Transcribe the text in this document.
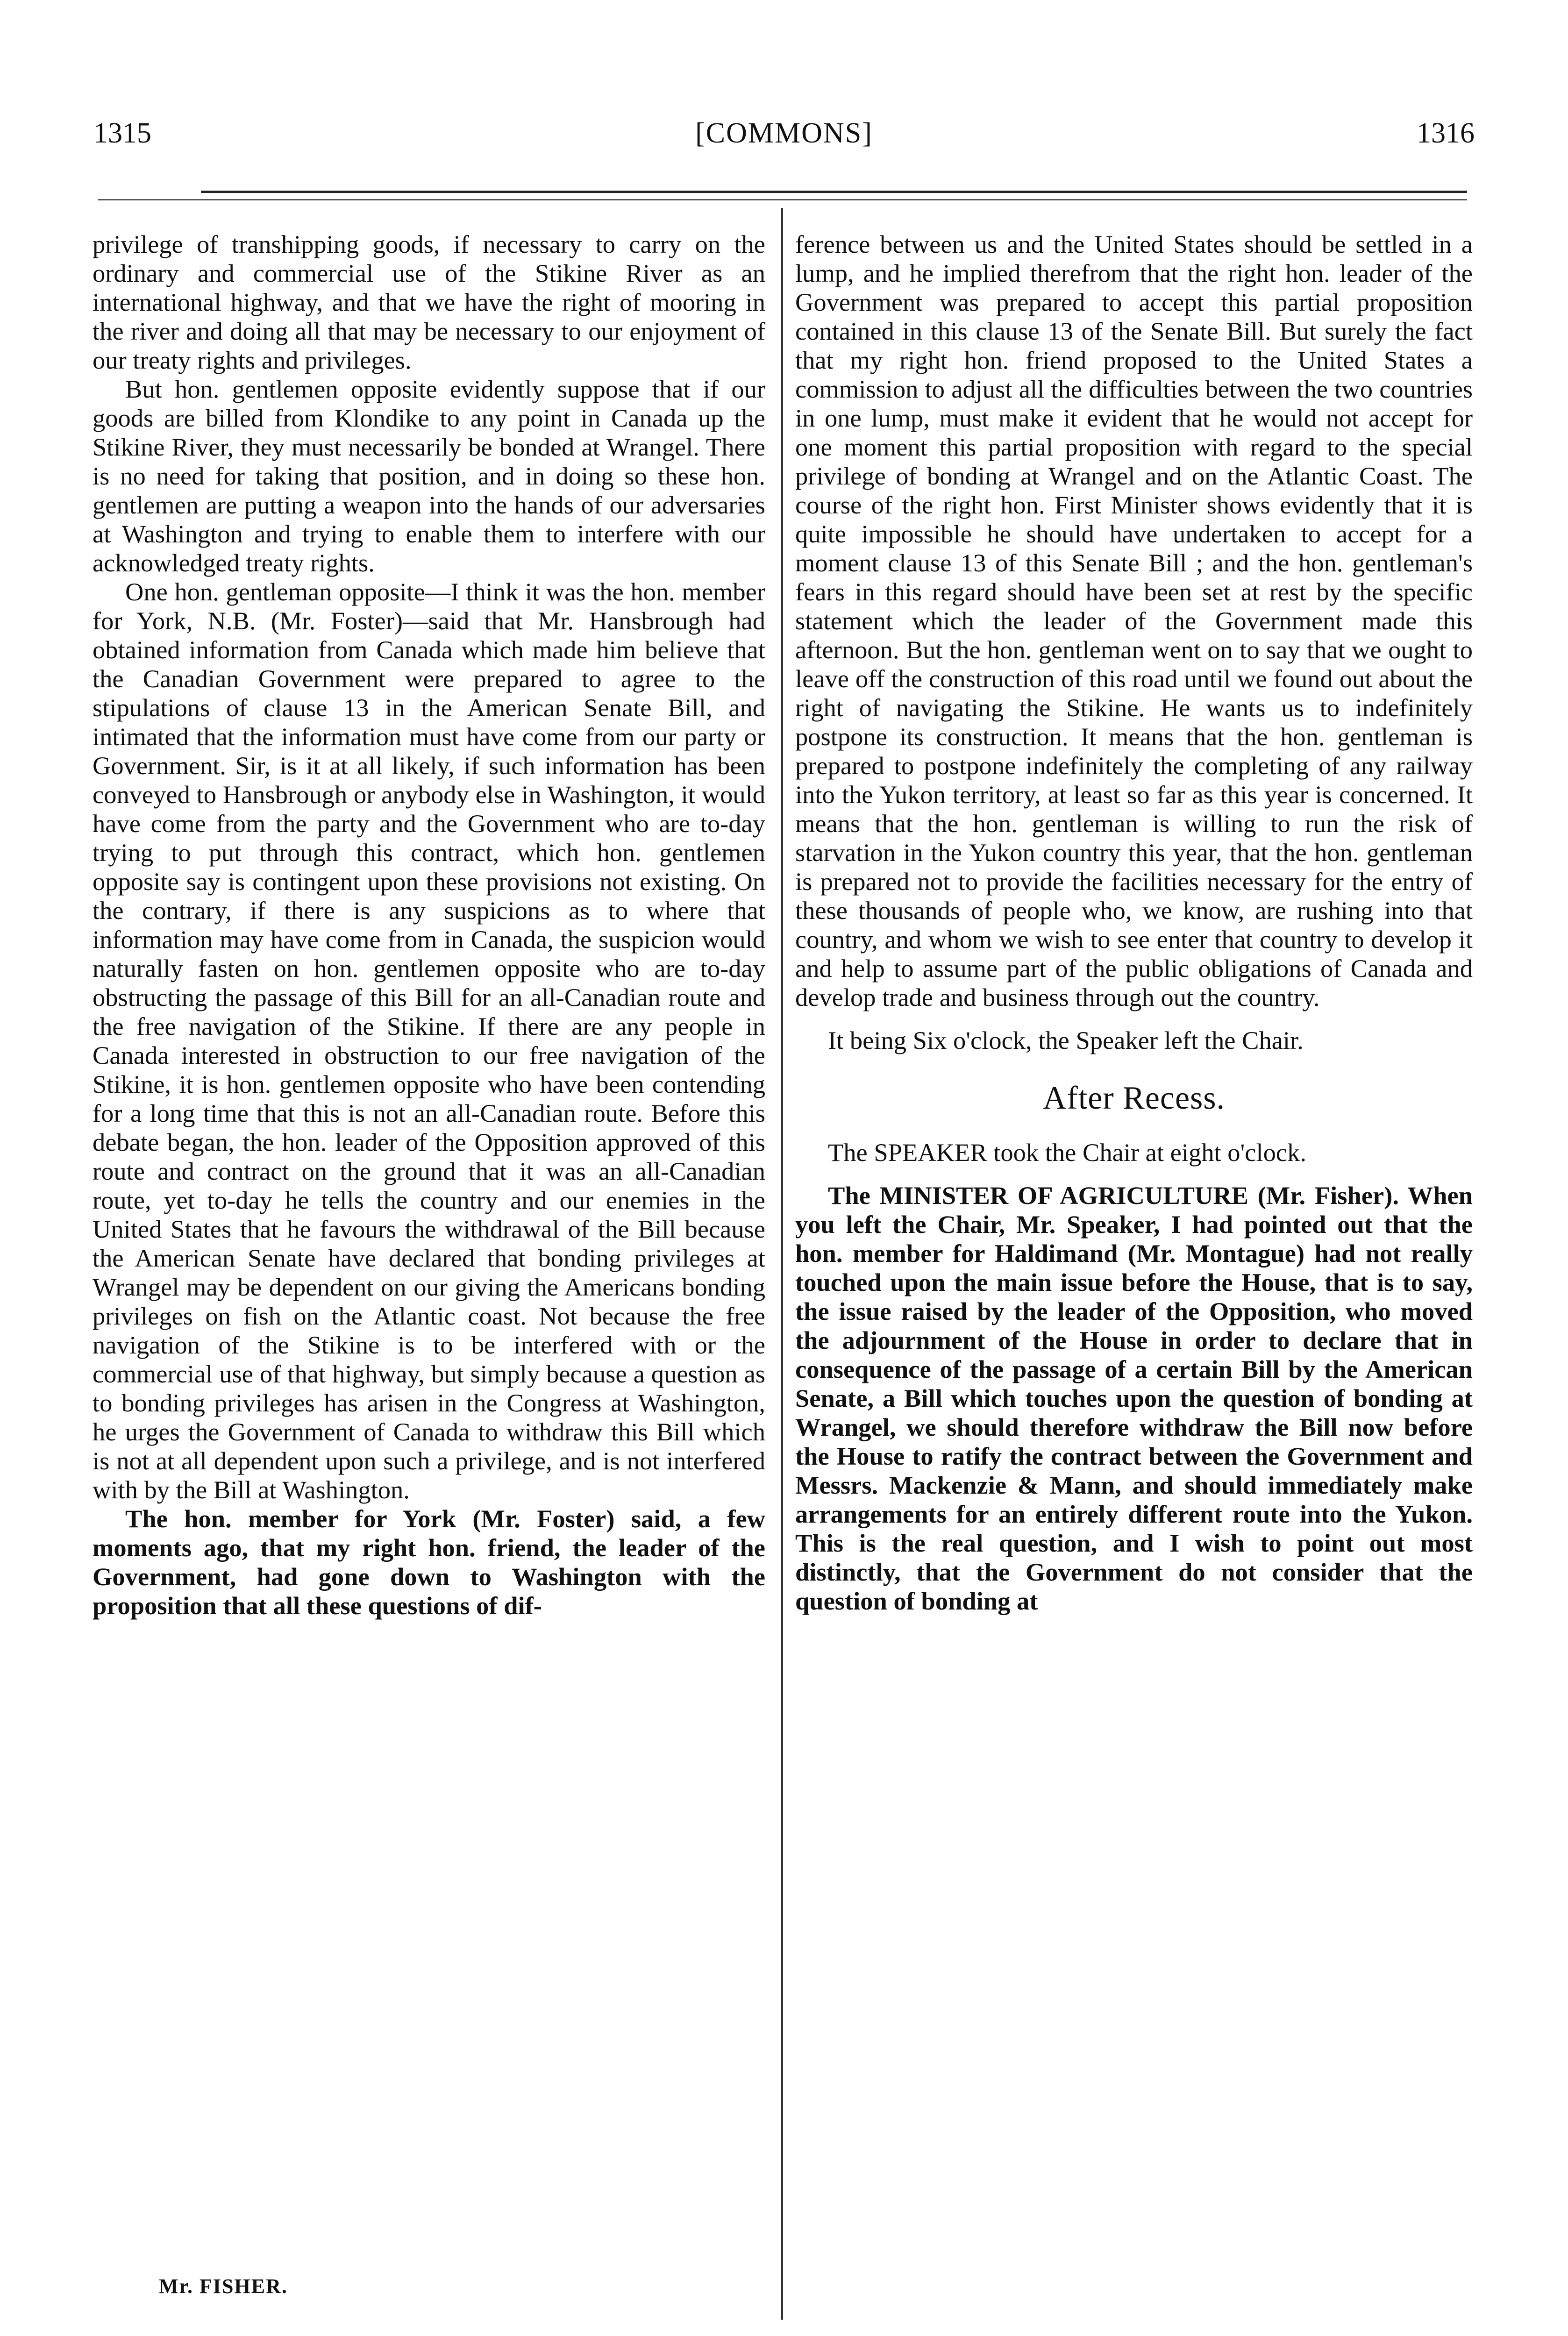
1315	[COMMONS]	1316

privilege of transhipping goods, if necessary to carry on the ordinary and commercial use of the Stikine River as an international highway, and that we have the right of mooring in the river and doing all that may be necessary to our enjoyment of our treaty rights and privileges.

But hon. gentlemen opposite evidently suppose that if our goods are billed from Klondike to any point in Canada up the Stikine River, they must necessarily be bonded at Wrangel. There is no need for taking that position, and in doing so these hon. gentlemen are putting a weapon into the hands of our adversaries at Washington and trying to enable them to interfere with our acknowledged treaty rights.

One hon. gentleman opposite—I think it was the hon. member for York, N.B. (Mr. Foster)—said that Mr. Hansbrough had obtained information from Canada which made him believe that the Canadian Government were prepared to agree to the stipulations of clause 13 in the American Senate Bill, and intimated that the information must have come from our party or Government. Sir, is it at all likely, if such information has been conveyed to Hansbrough or anybody else in Washington, it would have come from the party and the Government who are to-day trying to put through this contract, which hon. gentlemen opposite say is contingent upon these provisions not existing. On the contrary, if there is any suspicions as to where that information may have come from in Canada, the suspicion would naturally fasten on hon. gentlemen opposite who are to-day obstructing the passage of this Bill for an all-Canadian route and the free navigation of the Stikine. If there are any people in Canada interested in obstruction to our free navigation of the Stikine, it is hon. gentlemen opposite who have been contending for a long time that this is not an all-Canadian route. Before this debate began, the hon. leader of the Opposition approved of this route and contract on the ground that it was an all-Canadian route, yet to-day he tells the country and our enemies in the United States that he favours the withdrawal of the Bill because the American Senate have declared that bonding privileges at Wrangel may be dependent on our giving the Americans bonding privileges on fish on the Atlantic coast. Not because the free navigation of the Stikine is to be interfered with or the commercial use of that highway, but simply because a question as to bonding privileges has arisen in the Congress at Washington, he urges the Government of Canada to withdraw this Bill which is not at all dependent upon such a privilege, and is not interfered with by the Bill at Washington.

The hon. member for York (Mr. Foster) said, a few moments ago, that my right hon. friend, the leader of the Government, had gone down to Washington with the proposition that all these questions of dif-

ference between us and the United States should be settled in a lump, and he implied therefrom that the right hon. leader of the Government was prepared to accept this partial proposition contained in this clause 13 of the Senate Bill. But surely the fact that my right hon. friend proposed to the United States a commission to adjust all the difficulties between the two countries in one lump, must make it evident that he would not accept for one moment this partial proposition with regard to the special privilege of bonding at Wrangel and on the Atlantic Coast. The course of the right hon. First Minister shows evidently that it is quite impossible he should have undertaken to accept for a moment clause 13 of this Senate Bill ; and the hon. gentleman's fears in this regard should have been set at rest by the specific statement which the leader of the Government made this afternoon. But the hon. gentleman went on to say that we ought to leave off the construction of this road until we found out about the right of navigating the Stikine. He wants us to indefinitely postpone its construction. It means that the hon. gentleman is prepared to postpone indefinitely the completing of any railway into the Yukon territory, at least so far as this year is concerned. It means that the hon. gentleman is willing to run the risk of starvation in the Yukon country this year, that the hon. gentleman is prepared not to provide the facilities necessary for the entry of these thousands of people who, we know, are rushing into that country, and whom we wish to see enter that country to develop it and help to assume part of the public obligations of Canada and develop trade and business through out the country.

It being Six o'clock, the Speaker left the Chair.

After Recess.

The SPEAKER took the Chair at eight o'clock.

The MINISTER OF AGRICULTURE (Mr. Fisher). When you left the Chair, Mr. Speaker, I had pointed out that the hon. member for Haldimand (Mr. Montague) had not really touched upon the main issue before the House, that is to say, the issue raised by the leader of the Opposition, who moved the adjournment of the House in order to declare that in consequence of the passage of a certain Bill by the American Senate, a Bill which touches upon the question of bonding at Wrangel, we should therefore withdraw the Bill now before the House to ratify the contract between the Government and Messrs. Mackenzie & Mann, and should immediately make arrangements for an entirely different route into the Yukon. This is the real question, and I wish to point out most distinctly, that the Government do not consider that the question of bonding at

Mr. FISHER.
